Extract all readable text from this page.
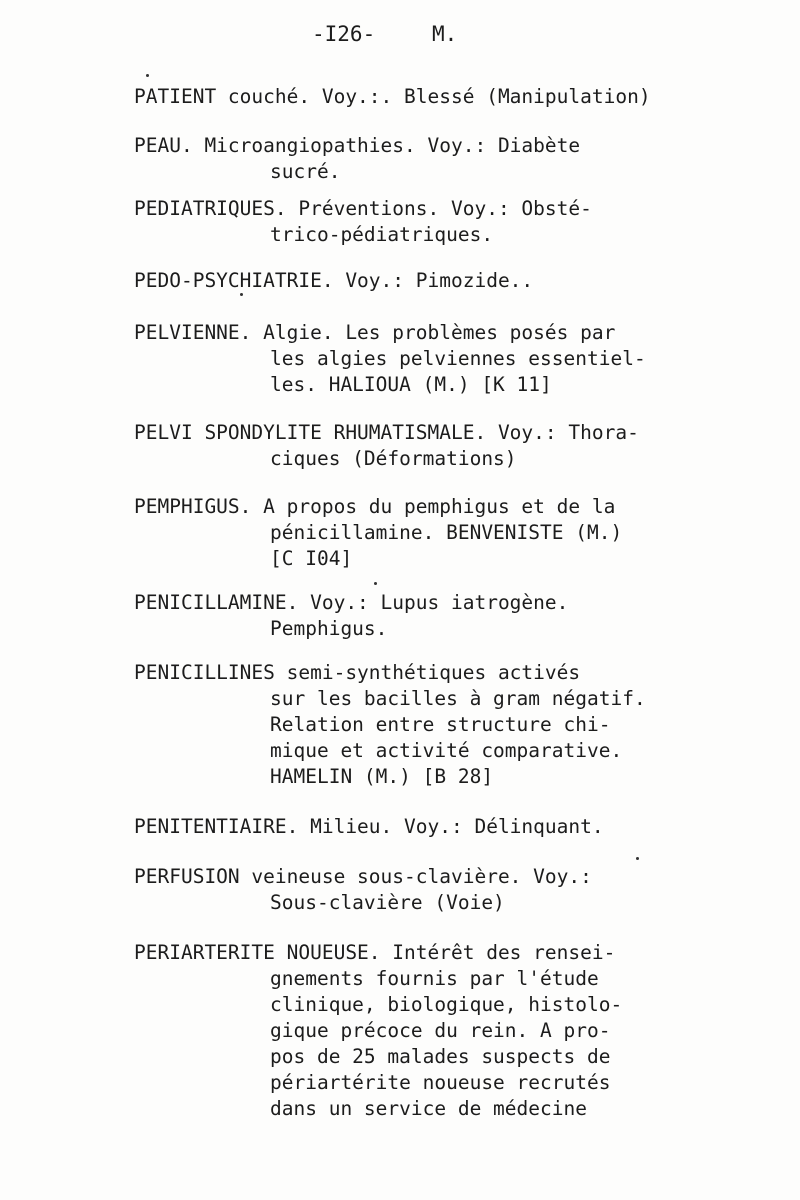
-I26-	M.
PATIENT couché. Voy.:. Blessé (Manipulation)
PEAU. Microangiopathies. Voy.: Diabète
sucré.
PEDIATRIQUES. Préventions. Voy.: Obsté-
trico-pédiatriques.
PEDO-PSYCHIATRIE. Voy.: Pimozide..
PELVIENNE. Algie. Les problèmes posés par
les algies pelviennes essentiel-
les. HALIOUA (M.) [K 11]
PELVI SPONDYLITE RHUMATISMALE. Voy.: Thora-
ciques (Déformations)
PEMPHIGUS. A propos du pemphigus et de la
pénicillamine. BENVENISTE (M.)
[C I04]
PENICILLAMINE. Voy.: Lupus iatrogène.
Pemphigus.
PENICILLINES semi-synthétiques activés
sur les bacilles à gram négatif.
Relation entre structure chi-
mique et activité comparative.
HAMELIN (M.) [B 28]
PENITENTIAIRE. Milieu. Voy.: Délinquant.
PERFUSION veineuse sous-clavière. Voy.:
Sous-clavière (Voie)
PERIARTERITE NOUEUSE. Intérêt des rensei-
gnements fournis par l'étude
clinique, biologique, histolo-
gique précoce du rein. A pro-
pos de 25 malades suspects de
périartérite noueuse recrutés
dans un service de médecine
